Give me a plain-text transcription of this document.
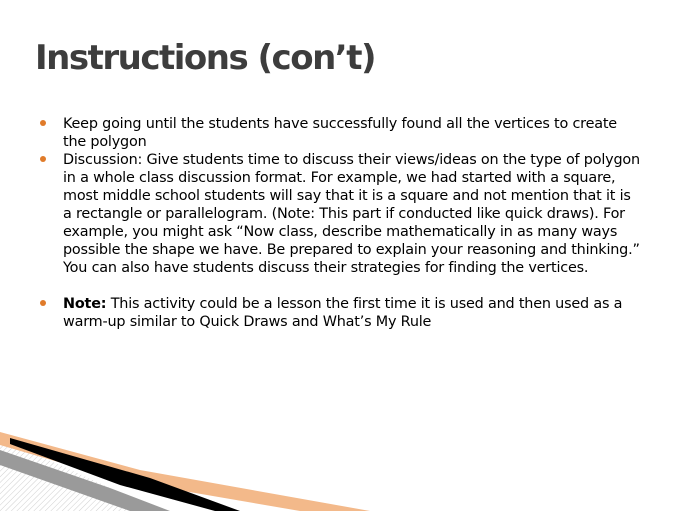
Instructions (con’t)
Keep going until the students have successfully found all the vertices to create the polygon
Discussion: Give students time to discuss their views/ideas on the type of polygon in a whole class discussion format. For example, we had started with a square, most middle school students will say that it is a square and not mention that it is a rectangle or parallelogram. (Note: This part if conducted like quick draws). For example, you might ask “Now class, describe mathematically in as many ways possible the shape we have. Be prepared to explain your reasoning and thinking.” You can also have students discuss their strategies for finding the vertices.
Note: This activity could be a lesson the first time it is used and then used as a warm-up similar to Quick Draws and What’s My Rule
